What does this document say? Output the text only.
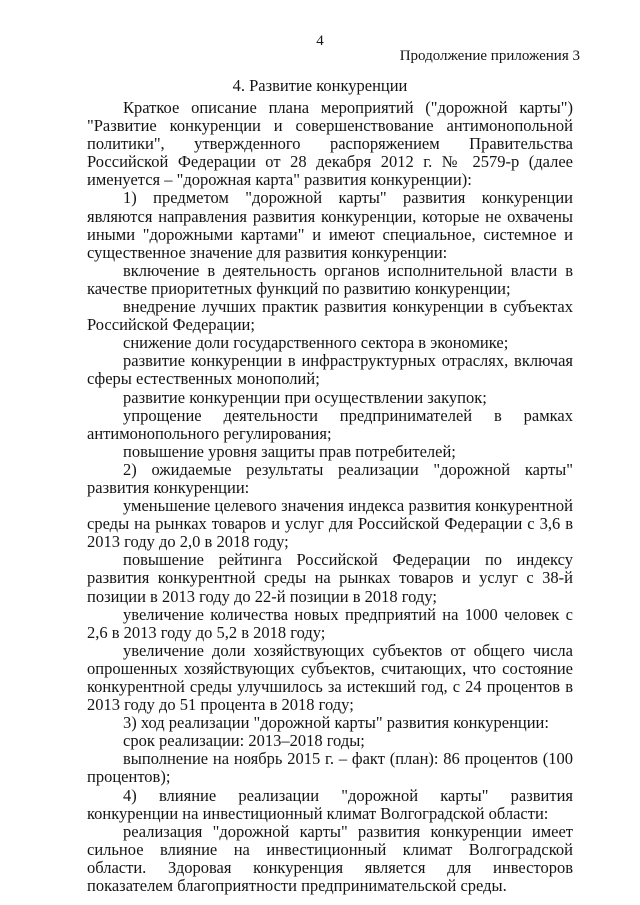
4
Продолжение приложения 3
4. Развитие конкуренции

Краткое описание плана мероприятий ("дорожной карты") "Развитие конкуренции и совершенствование антимонопольной политики", утвержденного распоряжением Правительства Российской Федерации от 28 декабря 2012 г. № 2579-р (далее именуется – "дорожная карта" развития конкуренции):

1) предметом "дорожной карты" развития конкуренции являются направления развития конкуренции, которые не охвачены иными "дорожными картами" и имеют специальное, системное и существенное значение для развития конкуренции:

включение в деятельность органов исполнительной власти в качестве приоритетных функций по развитию конкуренции;

внедрение лучших практик развития конкуренции в субъектах Российской Федерации;

снижение доли государственного сектора в экономике;

развитие конкуренции в инфраструктурных отраслях, включая сферы естественных монополий;

развитие конкуренции при осуществлении закупок;

упрощение деятельности предпринимателей в рамках антимонопольного регулирования;

повышение уровня защиты прав потребителей;

2) ожидаемые результаты реализации "дорожной карты" развития конкуренции:

уменьшение целевого значения индекса развития конкурентной среды на рынках товаров и услуг для Российской Федерации с 3,6 в 2013 году до 2,0 в 2018 году;

повышение рейтинга Российской Федерации по индексу развития конкурентной среды на рынках товаров и услуг с 38-й позиции в 2013 году до 22-й позиции в 2018 году;

увеличение количества новых предприятий на 1000 человек с 2,6 в 2013 году до 5,2 в 2018 году;

увеличение доли хозяйствующих субъектов от общего числа опрошенных хозяйствующих субъектов, считающих, что состояние конкурентной среды улучшилось за истекший год, с 24 процентов в 2013 году до 51 процента в 2018 году;

3) ход реализации "дорожной карты" развития конкуренции:

срок реализации: 2013–2018 годы;

выполнение на ноябрь 2015 г. – факт (план): 86 процентов (100 процентов);

4) влияние реализации "дорожной карты" развития конкуренции на инвестиционный климат Волгоградской области:

реализация "дорожной карты" развития конкуренции имеет сильное влияние на инвестиционный климат Волгоградской области. Здоровая конкуренция является для инвесторов показателем благоприятности предпринимательской среды.
